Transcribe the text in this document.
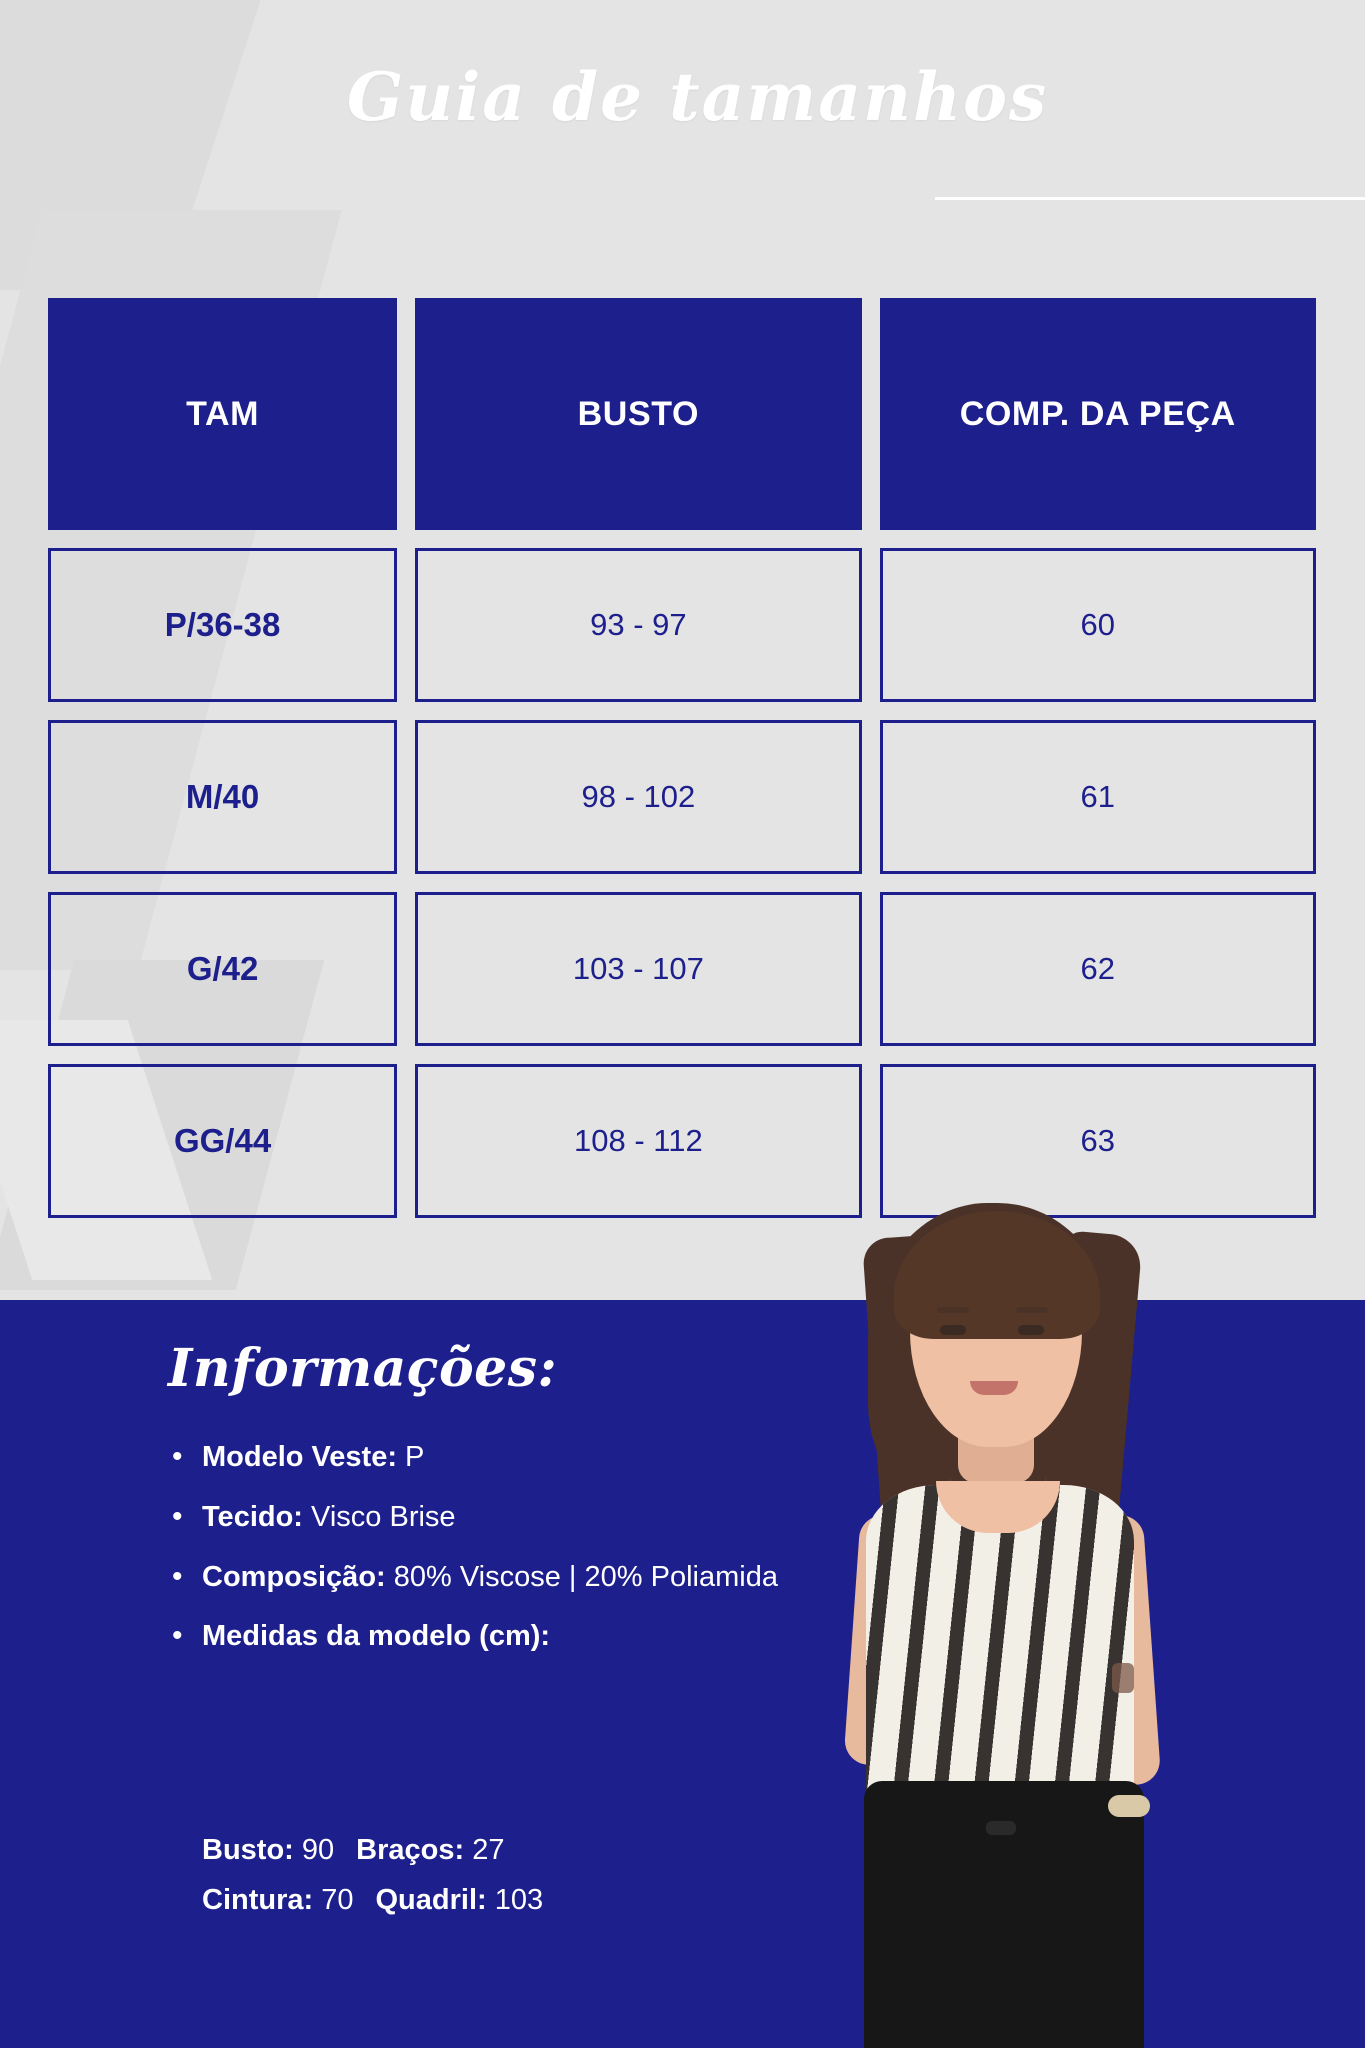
Guia de tamanhos
TAM	BUSTO	COMP. DA PEÇA
P/36-38	93 - 97	60
M/40	98 - 102	61
G/42	103 - 107	62
GG/44	108 - 112	63
Informações:
• Modelo Veste: P
• Tecido: Visco Brise
• Composição: 80% Viscose | 20% Poliamida
• Medidas da modelo (cm):
Busto: 90 Braços: 27
Cintura: 70 Quadril: 103
